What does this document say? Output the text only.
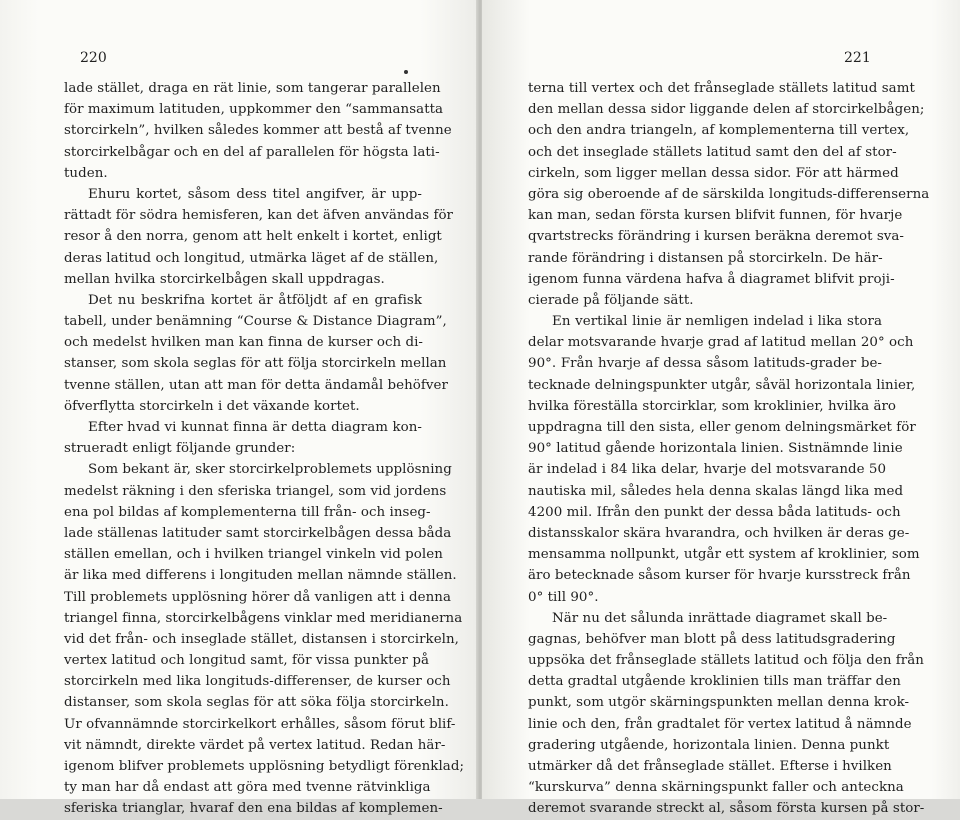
220
lade stället, draga en rät linie, som tangerar parallelen
för maximum latituden, uppkommer den “sammansatta
storcirkeln”, hvilken således kommer att bestå af tvenne
storcirkelbågar och en del af parallelen för högsta lati-
tuden.
Ehuru kortet, såsom dess titel angifver, är upp-
rättadt för södra hemisferen, kan det äfven användas för
resor å den norra, genom att helt enkelt i kortet, enligt
deras latitud och longitud, utmärka läget af de ställen,
mellan hvilka storcirkelbågen skall uppdragas.
Det nu beskrifna kortet är åtföljdt af en grafisk
tabell, under benämning “Course & Distance Diagram”,
och medelst hvilken man kan finna de kurser och di-
stanser, som skola seglas för att följa storcirkeln mellan
tvenne ställen, utan att man för detta ändamål behöfver
öfverflytta storcirkeln i det växande kortet.
Efter hvad vi kunnat finna är detta diagram kon-
strueradt enligt följande grunder:
Som bekant är, sker storcirkelproblemets upplösning
medelst räkning i den sferiska triangel, som vid jordens
ena pol bildas af komplementerna till från- och inseg-
lade ställenas latituder samt storcirkelbågen dessa båda
ställen emellan, och i hvilken triangel vinkeln vid polen
är lika med differens i longituden mellan nämnde ställen.
Till problemets upplösning hörer då vanligen att i denna
triangel finna, storcirkelbågens vinklar med meridianerna
vid det från- och inseglade stället, distansen i storcirkeln,
vertex latitud och longitud samt, för vissa punkter på
storcirkeln med lika longituds-differenser, de kurser och
distanser, som skola seglas för att söka följa storcirkeln.
Ur ofvannämnde storcirkelkort erhålles, såsom förut blif-
vit nämndt, direkte värdet på vertex latitud. Redan här-
igenom blifver problemets upplösning betydligt förenklad;
ty man har då endast att göra med tvenne rätvinkliga
sferiska trianglar, hvaraf den ena bildas af komplemen-
221
terna till vertex och det frånseglade ställets latitud samt
den mellan dessa sidor liggande delen af storcirkelbågen;
och den andra triangeln, af komplementerna till vertex,
och det inseglade ställets latitud samt den del af stor-
cirkeln, som ligger mellan dessa sidor. För att härmed
göra sig oberoende af de särskilda longituds-differenserna
kan man, sedan första kursen blifvit funnen, för hvarje
qvartstrecks förändring i kursen beräkna deremot sva-
rande förändring i distansen på storcirkeln. De här-
igenom funna värdena hafva å diagramet blifvit proji-
cierade på följande sätt.
En vertikal linie är nemligen indelad i lika stora
delar motsvarande hvarje grad af latitud mellan 20° och
90°. Från hvarje af dessa såsom latituds-grader be-
tecknade delningspunkter utgår, såväl horizontala linier,
hvilka föreställa storcirklar, som kroklinier, hvilka äro
uppdragna till den sista, eller genom delningsmärket för
90° latitud gående horizontala linien. Sistnämnde linie
är indelad i 84 lika delar, hvarje del motsvarande 50
nautiska mil, således hela denna skalas längd lika med
4200 mil. Ifrån den punkt der dessa båda latituds- och
distansskalor skära hvarandra, och hvilken är deras ge-
mensamma nollpunkt, utgår ett system af kroklinier, som
äro betecknade såsom kurser för hvarje kursstreck från
0° till 90°.
När nu det sålunda inrättade diagramet skall be-
gagnas, behöfver man blott på dess latitudsgradering
uppsöka det frånseglade ställets latitud och följa den från
detta gradtal utgående kroklinien tills man träffar den
punkt, som utgör skärningspunkten mellan denna krok-
linie och den, från gradtalet för vertex latitud å nämnde
gradering utgående, horizontala linien. Denna punkt
utmärker då det frånseglade stället. Efterse i hvilken
“kurskurva” denna skärningspunkt faller och anteckna
deremot svarande streckt al, såsom första kursen på stor-
